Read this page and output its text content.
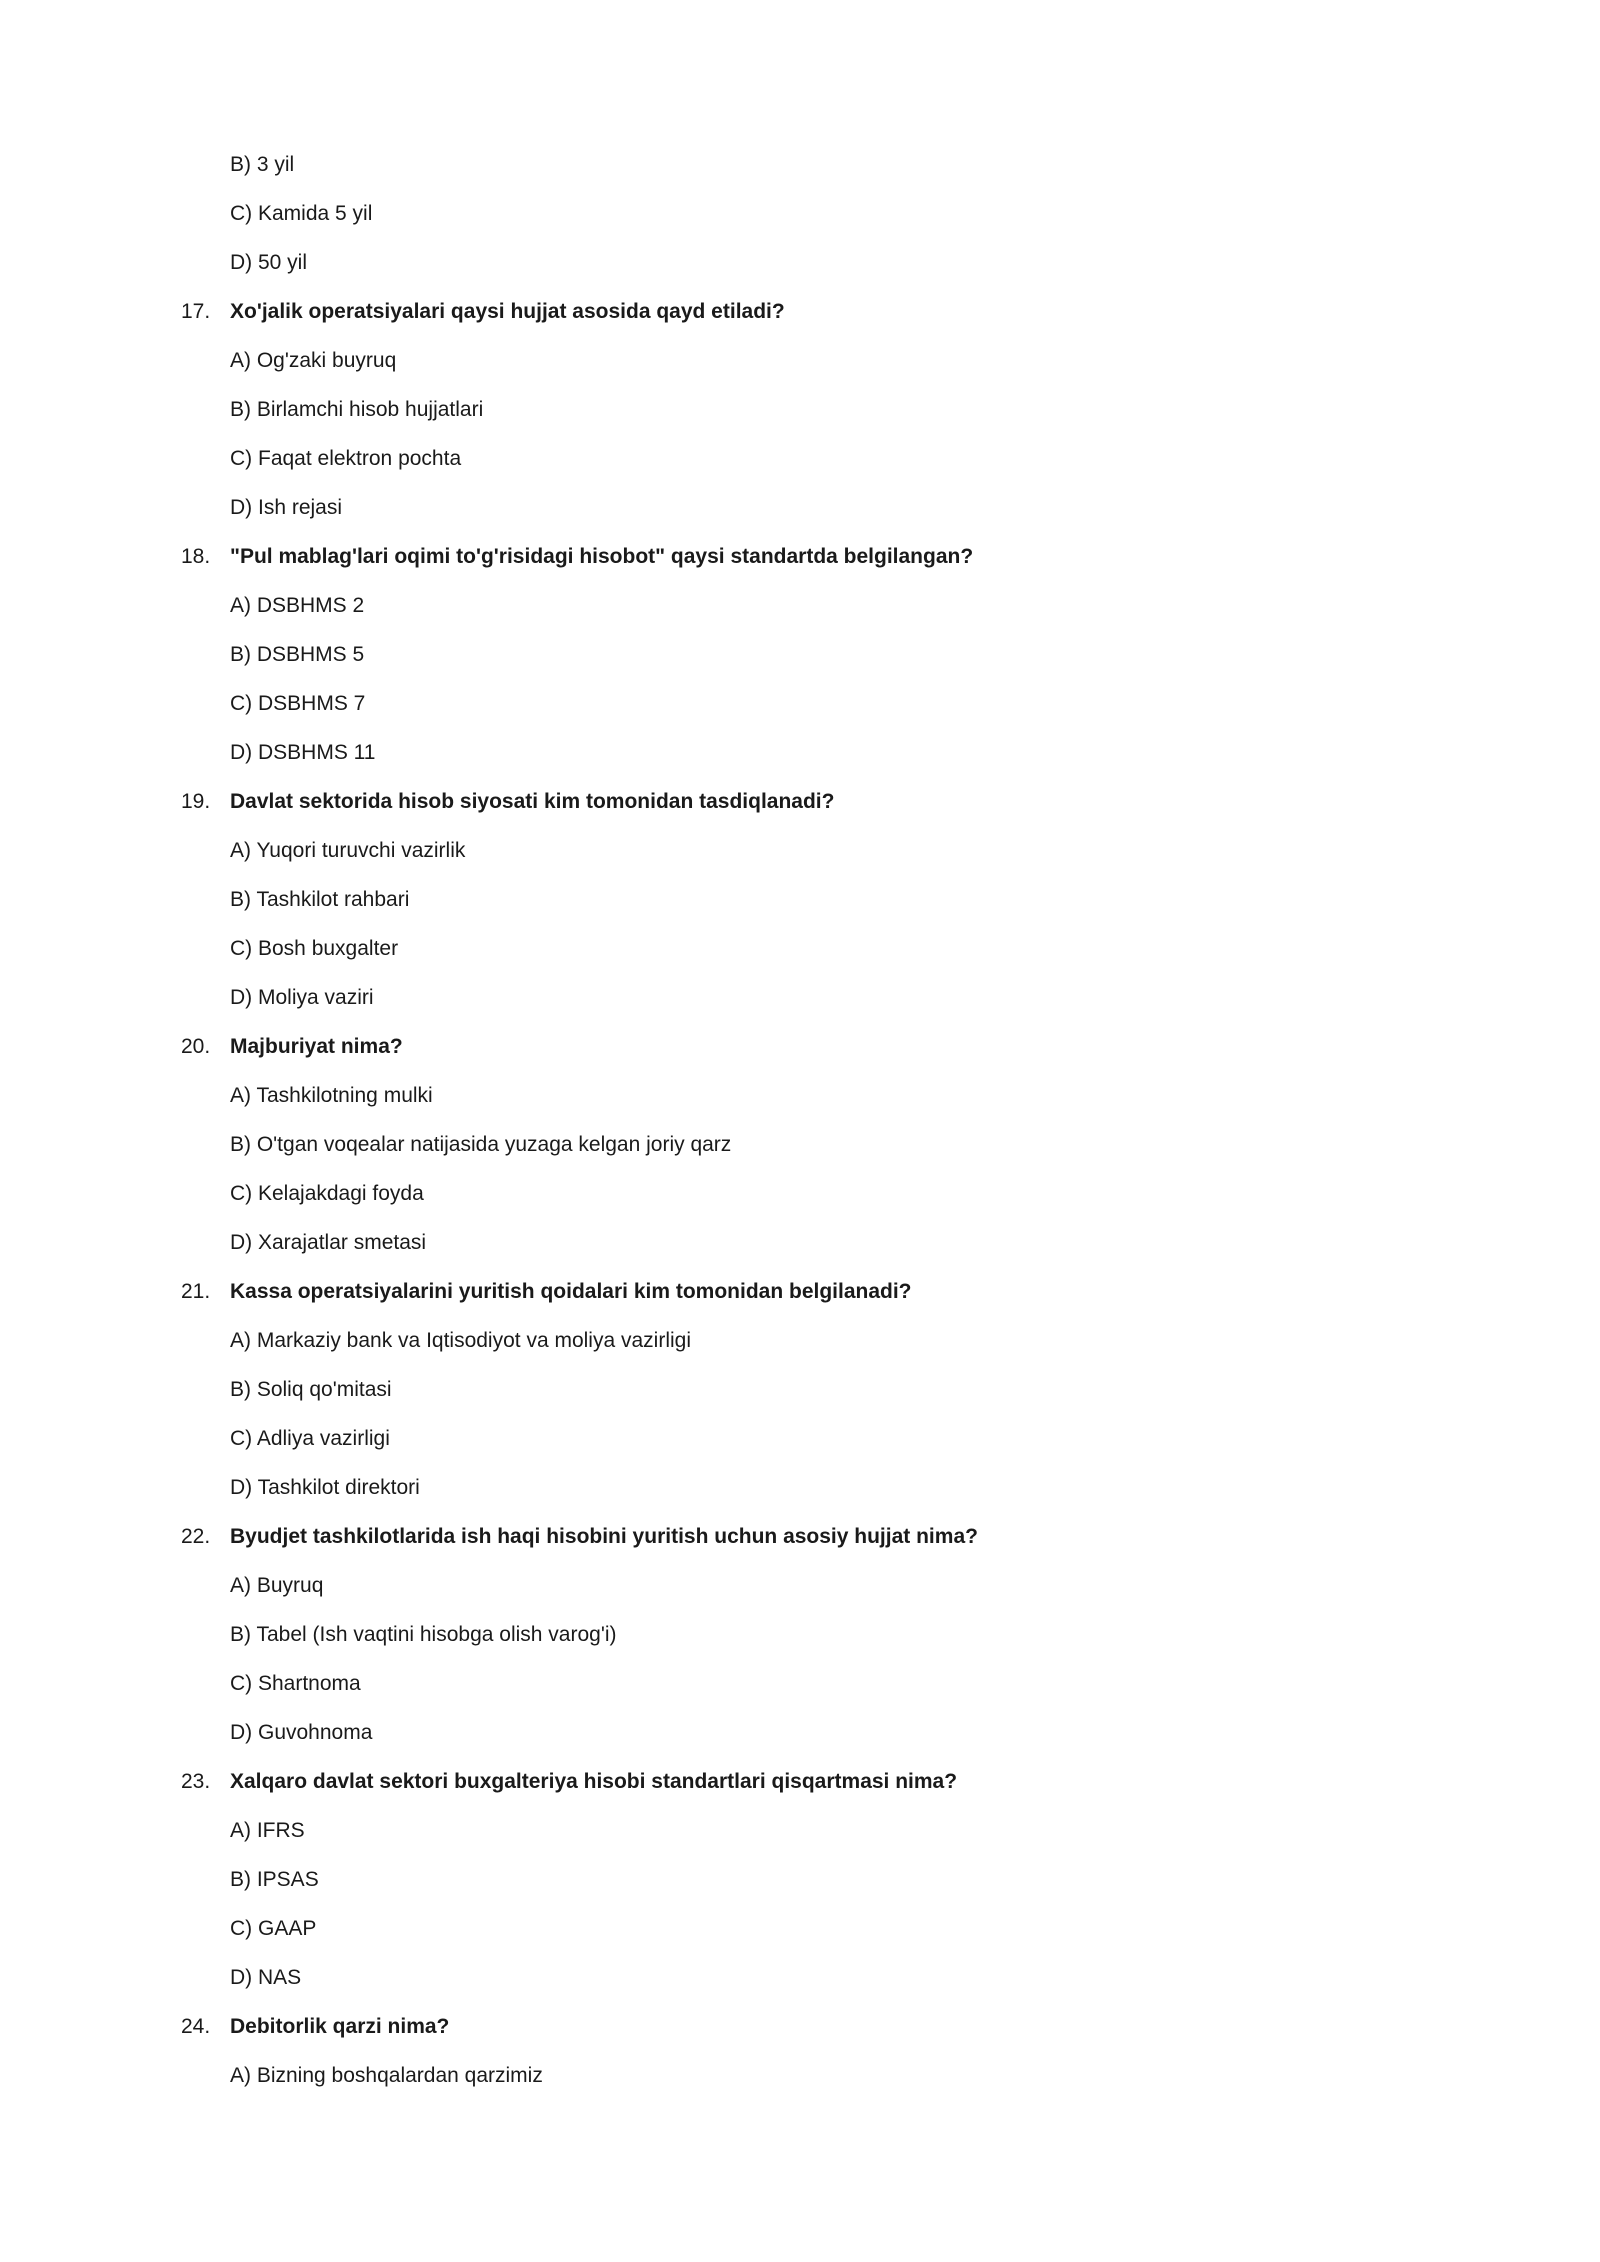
B) 3 yil
C) Kamida 5 yil
D) 50 yil
17. Xo'jalik operatsiyalari qaysi hujjat asosida qayd etiladi?
A) Og'zaki buyruq
B) Birlamchi hisob hujjatlari
C) Faqat elektron pochta
D) Ish rejasi
18. "Pul mablag'lari oqimi to'g'risidagi hisobot" qaysi standartda belgilangan?
A) DSBHMS 2
B) DSBHMS 5
C) DSBHMS 7
D) DSBHMS 11
19. Davlat sektorida hisob siyosati kim tomonidan tasdiqlanadi?
A) Yuqori turuvchi vazirlik
B) Tashkilot rahbari
C) Bosh buxgalter
D) Moliya vaziri
20. Majburiyat nima?
A) Tashkilotning mulki
B) O'tgan voqealar natijasida yuzaga kelgan joriy qarz
C) Kelajakdagi foyda
D) Xarajatlar smetasi
21. Kassa operatsiyalarini yuritish qoidalari kim tomonidan belgilanadi?
A) Markaziy bank va Iqtisodiyot va moliya vazirligi
B) Soliq qo'mitasi
C) Adliya vazirligi
D) Tashkilot direktori
22. Byudjet tashkilotlarida ish haqi hisobini yuritish uchun asosiy hujjat nima?
A) Buyruq
B) Tabel (Ish vaqtini hisobga olish varog'i)
C) Shartnoma
D) Guvohnoma
23. Xalqaro davlat sektori buxgalteriya hisobi standartlari qisqartmasi nima?
A) IFRS
B) IPSAS
C) GAAP
D) NAS
24. Debitorlik qarzi nima?
A) Bizning boshqalardan qarzimiz
